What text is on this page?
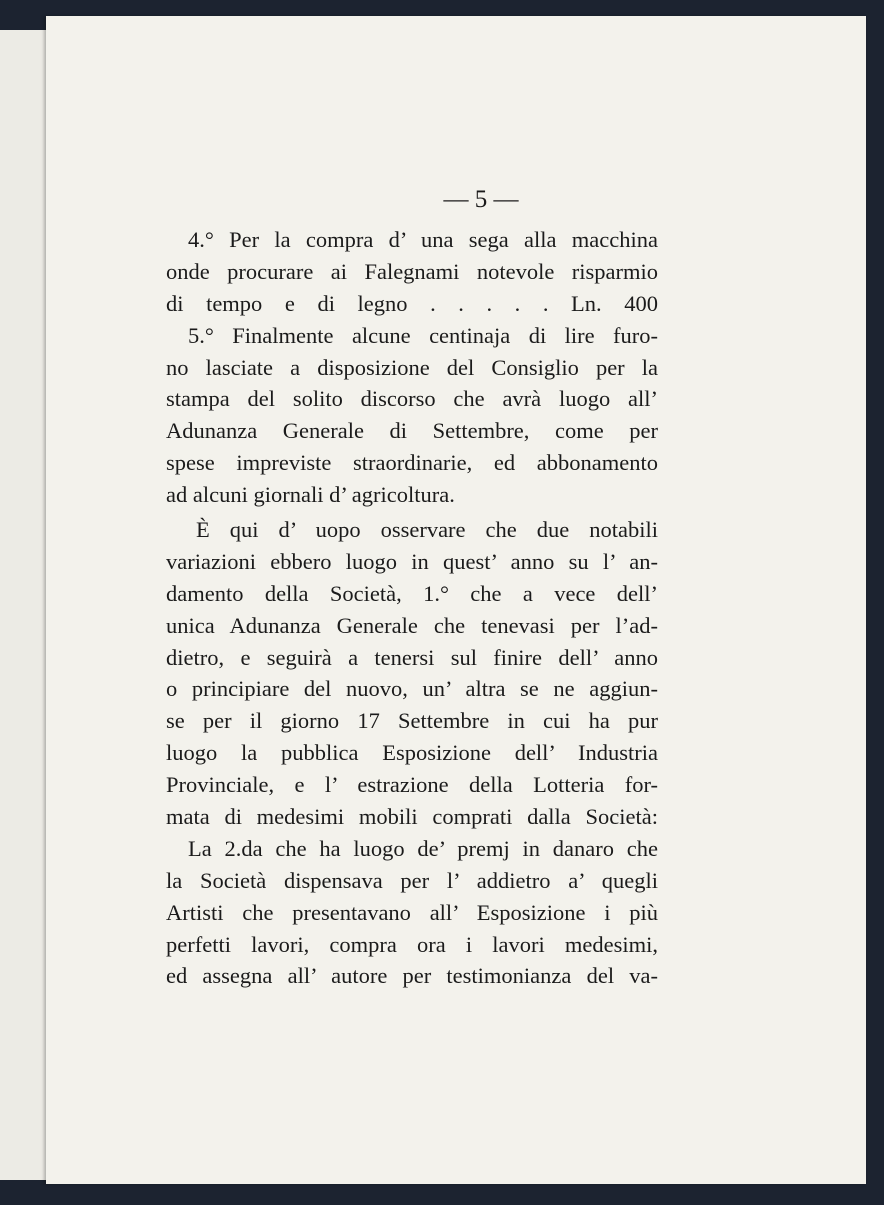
— 5 —
4.° Per la compra d’ una sega alla macchina
onde procurare ai Falegnami notevole risparmio
di tempo e di legno . . . . . Ln. 400
5.° Finalmente alcune centinaja di lire furo-
no lasciate a disposizione del Consiglio per la
stampa del solito discorso che avrà luogo all’
Adunanza Generale di Settembre, come per
spese impreviste straordinarie, ed abbonamento
ad alcuni giornali d’ agricoltura.
È qui d’ uopo osservare che due notabili
variazioni ebbero luogo in quest’ anno su l’ an-
damento della Società, 1.° che a vece dell’
unica Adunanza Generale che tenevasi per l’ad-
dietro, e seguirà a tenersi sul finire dell’ anno
o principiare del nuovo, un’ altra se ne aggiun-
se per il giorno 17 Settembre in cui ha pur
luogo la pubblica Esposizione dell’ Industria
Provinciale, e l’ estrazione della Lotteria for-
mata di medesimi mobili comprati dalla Società:
La 2.da che ha luogo de’ premj in danaro che
la Società dispensava per l’ addietro a’ quegli
Artisti che presentavano all’ Esposizione i più
perfetti lavori, compra ora i lavori medesimi,
ed assegna all’ autore per testimonianza del va-
